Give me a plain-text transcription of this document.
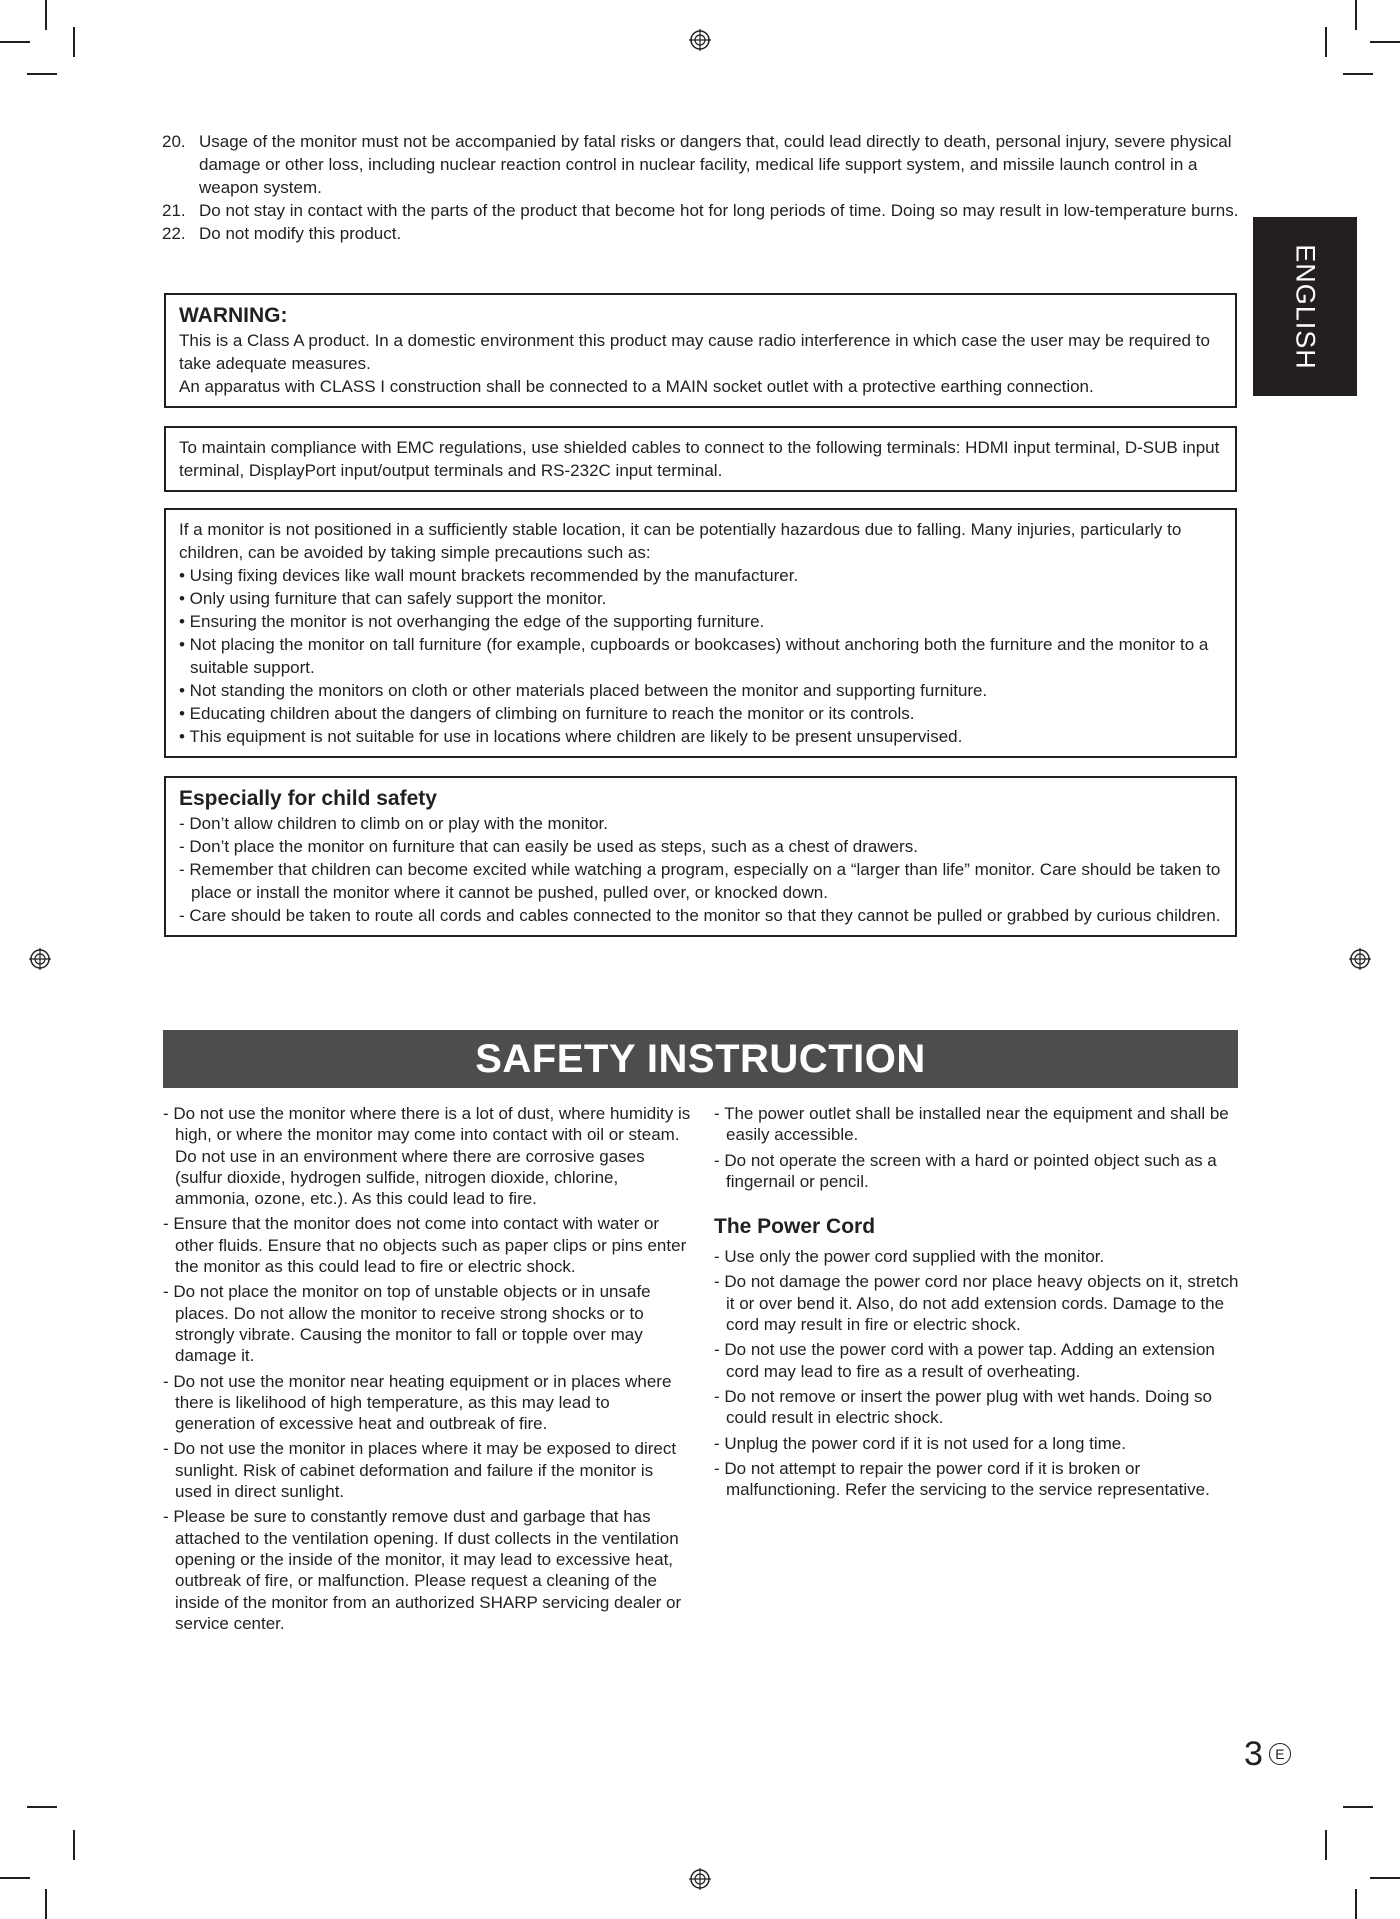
ENGLISH
20. Usage of the monitor must not be accompanied by fatal risks or dangers that, could lead directly to death, personal injury, severe physical damage or other loss, including nuclear reaction control in nuclear facility, medical life support system, and missile launch control in a weapon system.
21. Do not stay in contact with the parts of the product that become hot for long periods of time. Doing so may result in low-temperature burns.
22. Do not modify this product.
WARNING:
This is a Class A product. In a domestic environment this product may cause radio interference in which case the user may be required to take adequate measures.
An apparatus with CLASS I construction shall be connected to a MAIN socket outlet with a protective earthing connection.
To maintain compliance with EMC regulations, use shielded cables to connect to the following terminals: HDMI input terminal, D-SUB input terminal, DisplayPort input/output terminals and RS-232C input terminal.
If a monitor is not positioned in a sufficiently stable location, it can be potentially hazardous due to falling. Many injuries, particularly to children, can be avoided by taking simple precautions such as:
• Using fixing devices like wall mount brackets recommended by the manufacturer.
• Only using furniture that can safely support the monitor.
• Ensuring the monitor is not overhanging the edge of the supporting furniture.
• Not placing the monitor on tall furniture (for example, cupboards or bookcases) without anchoring both the furniture and the monitor to a suitable support.
• Not standing the monitors on cloth or other materials placed between the monitor and supporting furniture.
• Educating children about the dangers of climbing on furniture to reach the monitor or its controls.
• This equipment is not suitable for use in locations where children are likely to be present unsupervised.
Especially for child safety
- Don’t allow children to climb on or play with the monitor.
- Don’t place the monitor on furniture that can easily be used as steps, such as a chest of drawers.
- Remember that children can become excited while watching a program, especially on a “larger than life” monitor. Care should be taken to place or install the monitor where it cannot be pushed, pulled over, or knocked down.
- Care should be taken to route all cords and cables connected to the monitor so that they cannot be pulled or grabbed by curious children.
SAFETY INSTRUCTION
- Do not use the monitor where there is a lot of dust, where humidity is high, or where the monitor may come into contact with oil or steam. Do not use in an environment where there are corrosive gases (sulfur dioxide, hydrogen sulfide, nitrogen dioxide, chlorine, ammonia, ozone, etc.). As this could lead to fire.
- Ensure that the monitor does not come into contact with water or other fluids. Ensure that no objects such as paper clips or pins enter the monitor as this could lead to fire or electric shock.
- Do not place the monitor on top of unstable objects or in unsafe places. Do not allow the monitor to receive strong shocks or to strongly vibrate. Causing the monitor to fall or topple over may damage it.
- Do not use the monitor near heating equipment or in places where there is likelihood of high temperature, as this may lead to generation of excessive heat and outbreak of fire.
- Do not use the monitor in places where it may be exposed to direct sunlight. Risk of cabinet deformation and failure if the monitor is used in direct sunlight.
- Please be sure to constantly remove dust and garbage that has attached to the ventilation opening. If dust collects in the ventilation opening or the inside of the monitor, it may lead to excessive heat, outbreak of fire, or malfunction. Please request a cleaning of the inside of the monitor from an authorized SHARP servicing dealer or service center.
- The power outlet shall be installed near the equipment and shall be easily accessible.
- Do not operate the screen with a hard or pointed object such as a fingernail or pencil.
The Power Cord
- Use only the power cord supplied with the monitor.
- Do not damage the power cord nor place heavy objects on it, stretch it or over bend it. Also, do not add extension cords. Damage to the cord may result in fire or electric shock.
- Do not use the power cord with a power tap. Adding an extension cord may lead to fire as a result of overheating.
- Do not remove or insert the power plug with wet hands. Doing so could result in electric shock.
- Unplug the power cord if it is not used for a long time.
- Do not attempt to repair the power cord if it is broken or malfunctioning. Refer the servicing to the service representative.
3 E
